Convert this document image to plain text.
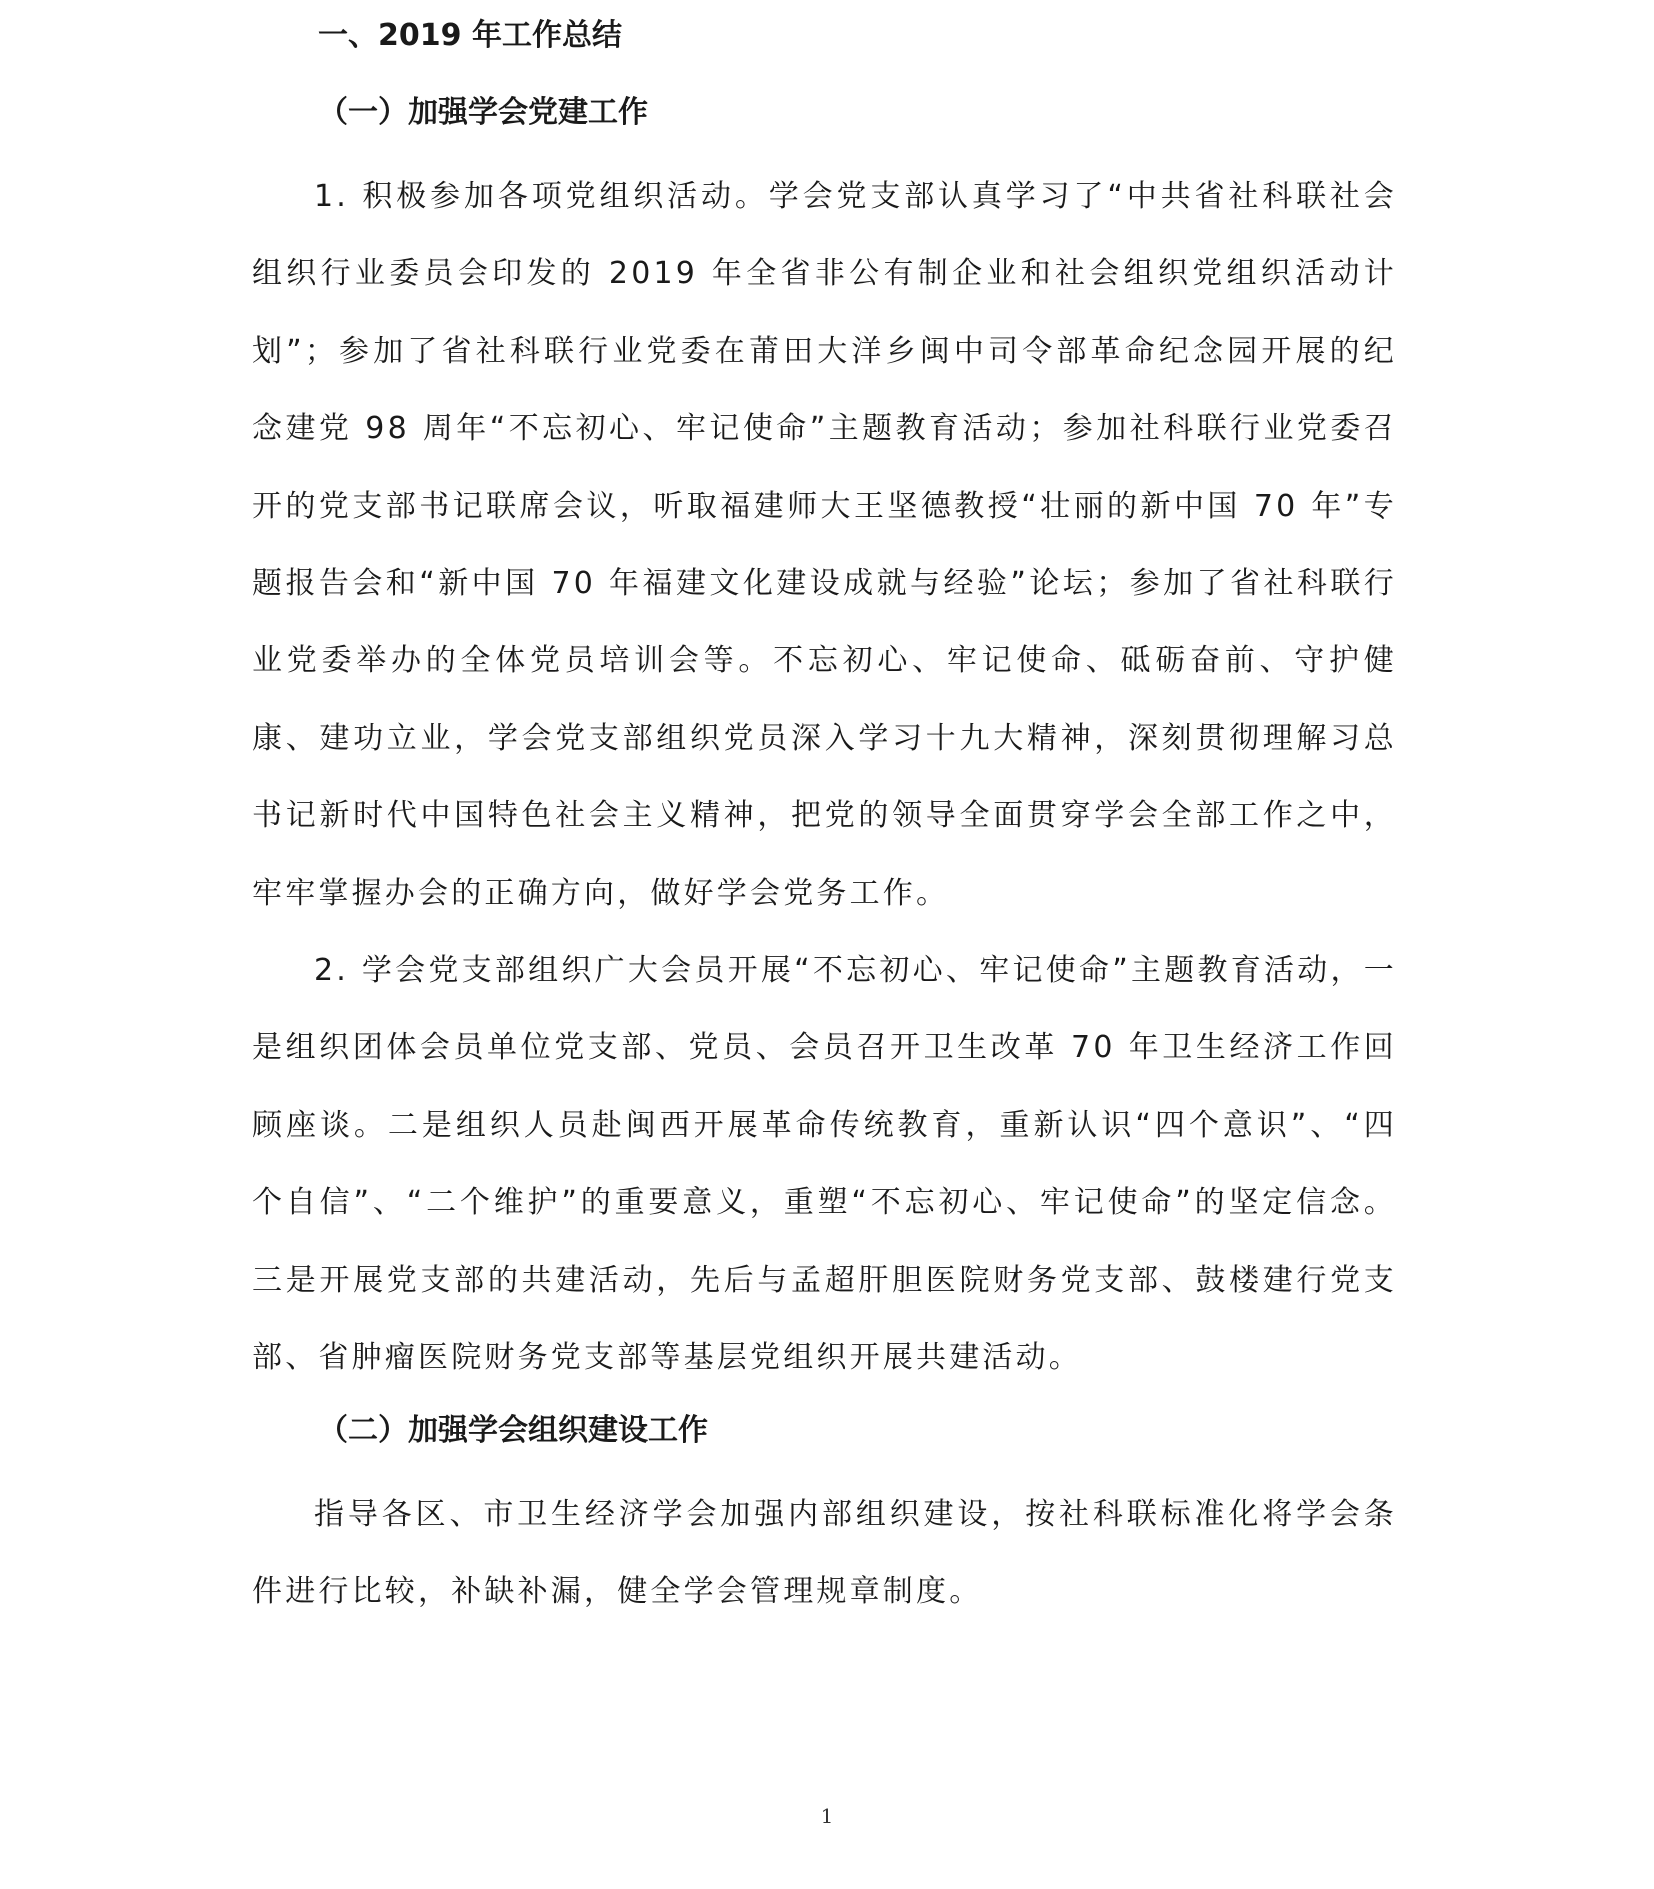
一、2019 年工作总结
（一）加强学会党建工作

1. 积极参加各项党组织活动。学会党支部认真学习了“中共省社科联社会组织行业委员会印发的 2019 年全省非公有制企业和社会组织党组织活动计划”；参加了省社科联行业党委在莆田大洋乡闽中司令部革命纪念园开展的纪念建党 98 周年“不忘初心、牢记使命”主题教育活动；参加社科联行业党委召开的党支部书记联席会议，听取福建师大王坚德教授“壮丽的新中国 70 年”专题报告会和“新中国 70 年福建文化建设成就与经验”论坛；参加了省社科联行业党委举办的全体党员培训会等。不忘初心、牢记使命、砥砺奋前、守护健康、建功立业，学会党支部组织党员深入学习十九大精神，深刻贯彻理解习总书记新时代中国特色社会主义精神，把党的领导全面贯穿学会全部工作之中，牢牢掌握办会的正确方向，做好学会党务工作。

2. 学会党支部组织广大会员开展“不忘初心、牢记使命”主题教育活动，一是组织团体会员单位党支部、党员、会员召开卫生改革 70 年卫生经济工作回顾座谈。二是组织人员赴闽西开展革命传统教育，重新认识“四个意识”、“四个自信”、“二个维护”的重要意义，重塑“不忘初心、牢记使命”的坚定信念。三是开展党支部的共建活动，先后与孟超肝胆医院财务党支部、鼓楼建行党支部、省肿瘤医院财务党支部等基层党组织开展共建活动。

（二）加强学会组织建设工作

指导各区、市卫生经济学会加强内部组织建设，按社科联标准化将学会条件进行比较，补缺补漏，健全学会管理规章制度。

1
